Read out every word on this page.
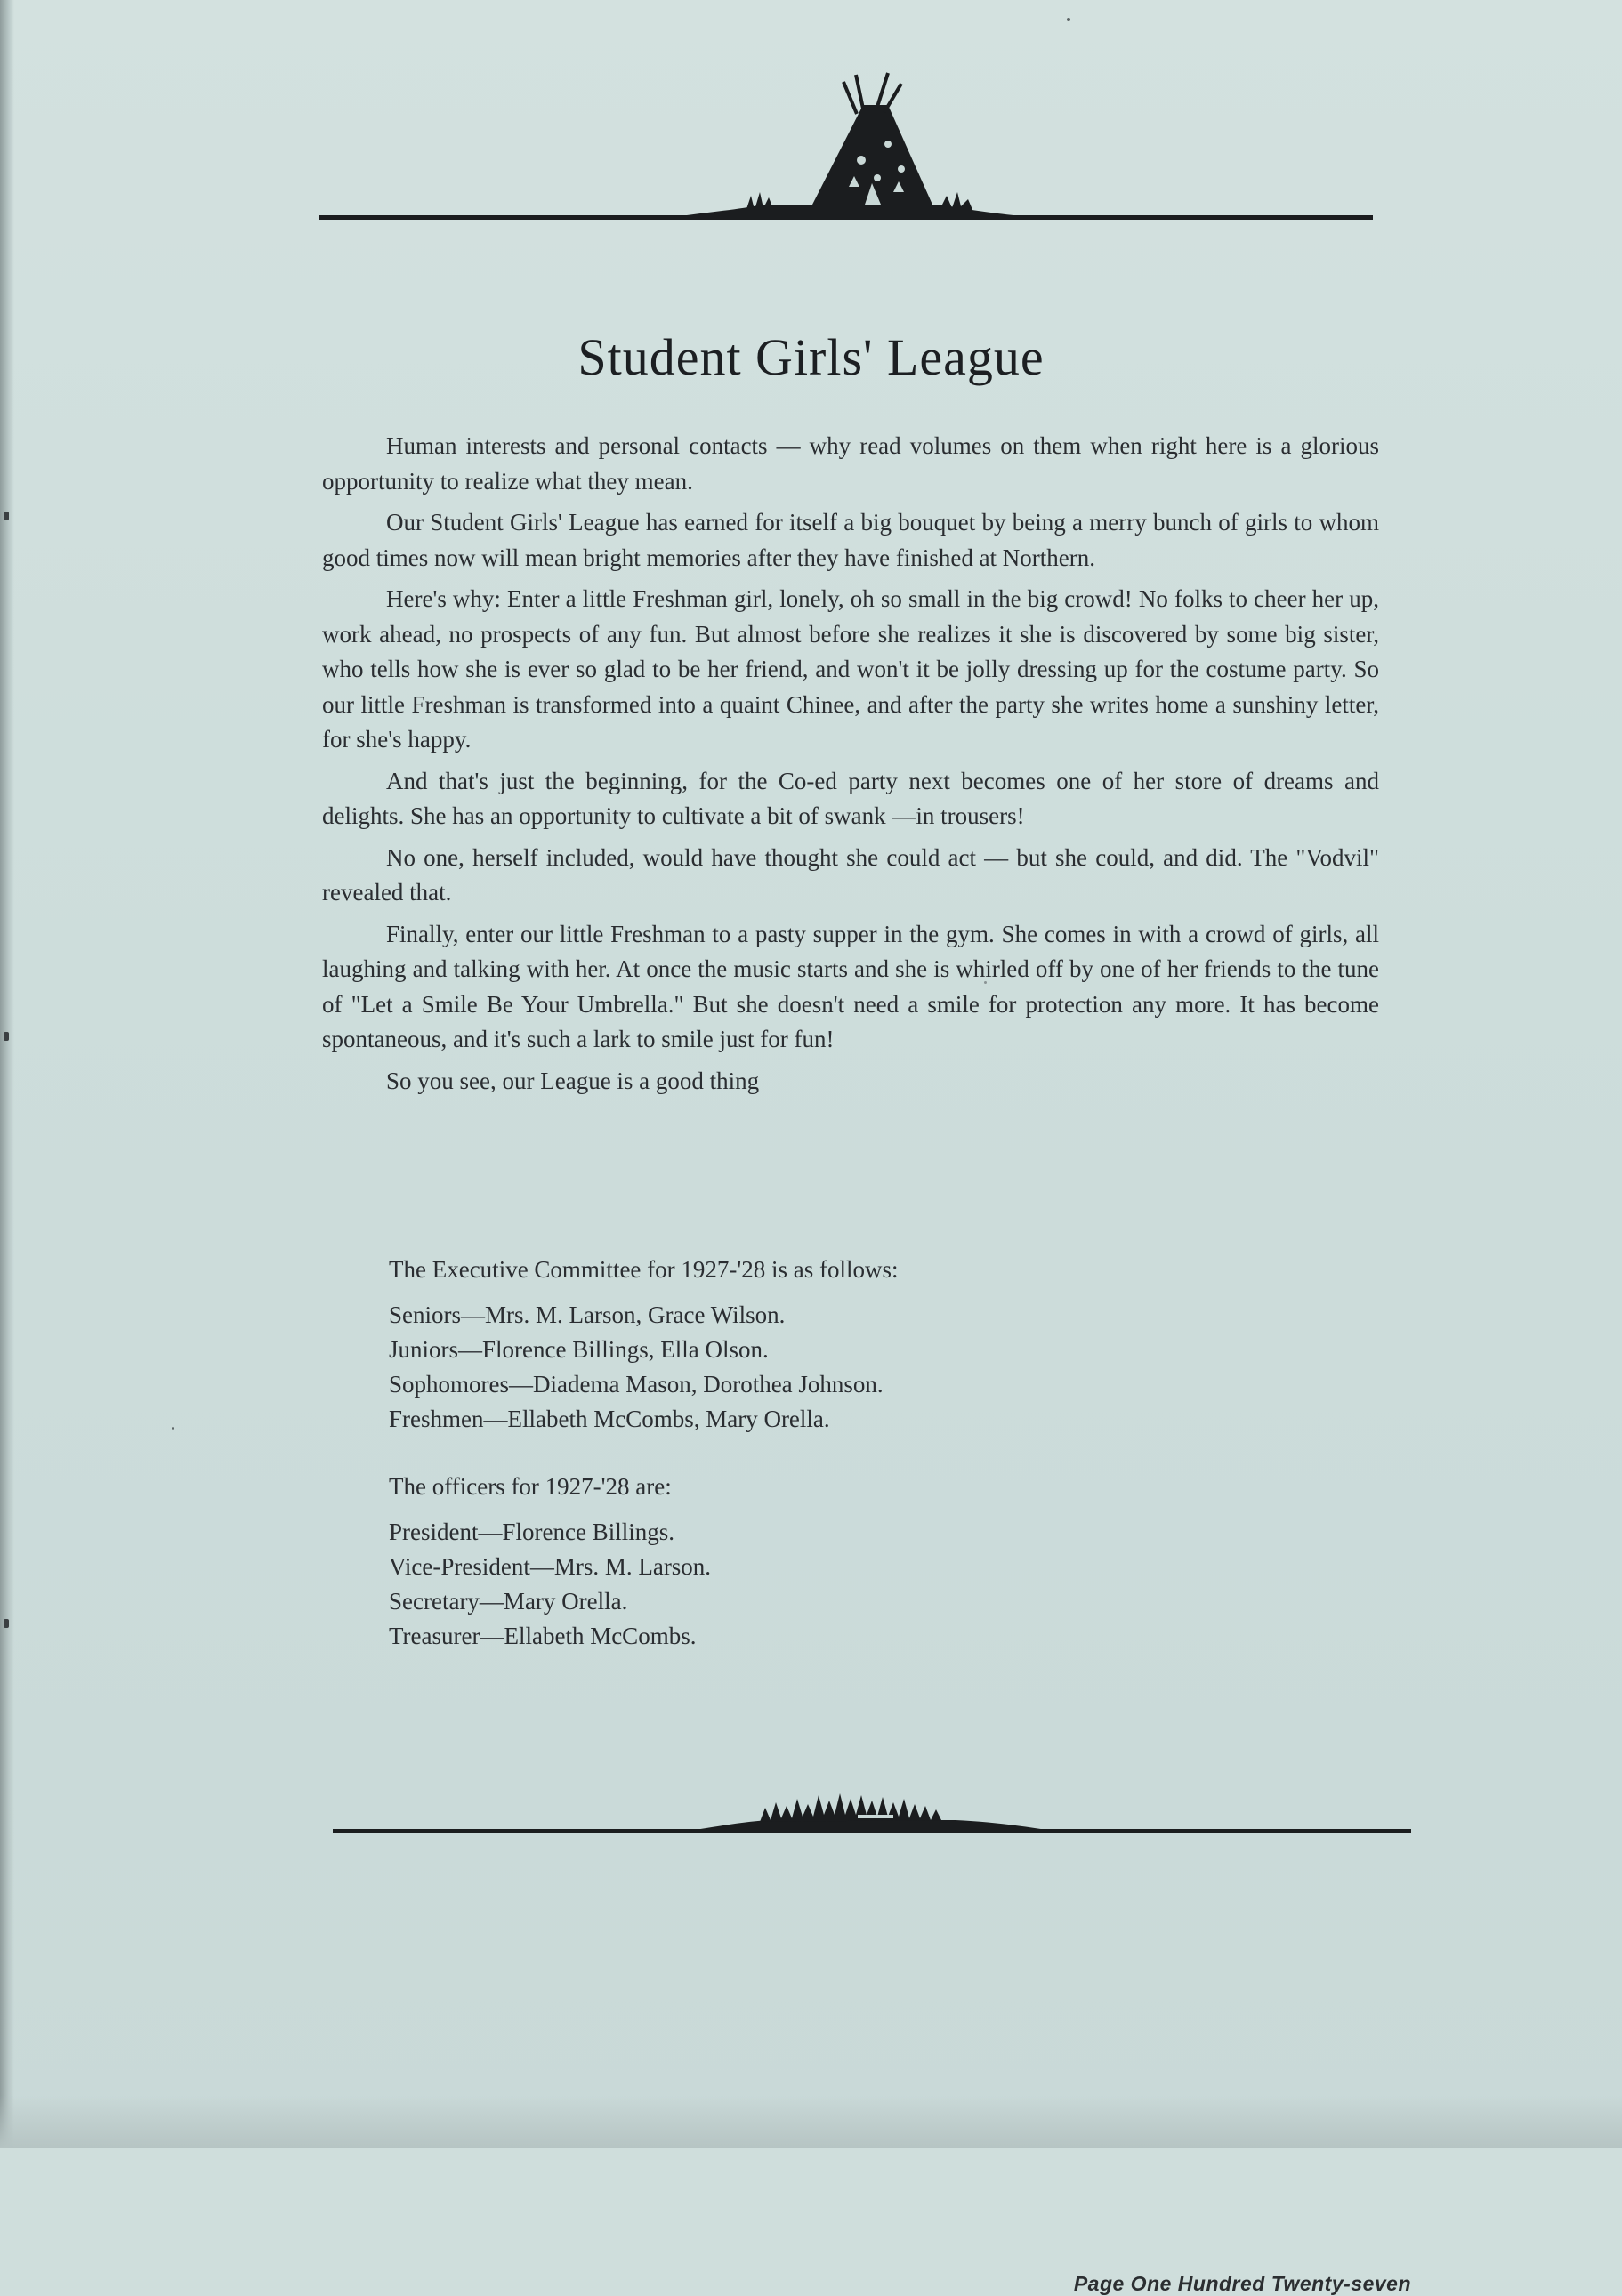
Student Girls' League

Human interests and personal contacts — why read volumes on them when right here is a glorious opportunity to realize what they mean.

Our Student Girls' League has earned for itself a big bouquet by being a merry bunch of girls to whom good times now will mean bright memories after they have finished at Northern.

Here's why: Enter a little Freshman girl, lonely, oh so small in the big crowd! No folks to cheer her up, work ahead, no prospects of any fun. But almost before she realizes it she is discovered by some big sister, who tells how she is ever so glad to be her friend, and won't it be jolly dressing up for the costume party. So our little Freshman is transformed into a quaint Chinee, and after the party she writes home a sunshiny letter, for she's happy.

And that's just the beginning, for the Co-ed party next becomes one of her store of dreams and delights. She has an opportunity to cultivate a bit of swank —in trousers!

No one, herself included, would have thought she could act — but she could, and did. The "Vodvil" revealed that.

Finally, enter our little Freshman to a pasty supper in the gym. She comes in with a crowd of girls, all laughing and talking with her. At once the music starts and she is whirled off by one of her friends to the tune of "Let a Smile Be Your Umbrella." But she doesn't need a smile for protection any more. It has become spontaneous, and it's such a lark to smile just for fun!

So you see, our League is a good thing

The Executive Committee for 1927-'28 is as follows:

Seniors—Mrs. M. Larson, Grace Wilson.
Juniors—Florence Billings, Ella Olson.
Sophomores—Diadema Mason, Dorothea Johnson.
Freshmen—Ellabeth McCombs, Mary Orella.

The officers for 1927-'28 are:

President—Florence Billings.
Vice-President—Mrs. M. Larson.
Secretary—Mary Orella.
Treasurer—Ellabeth McCombs.
Page One Hundred Twenty-seven
